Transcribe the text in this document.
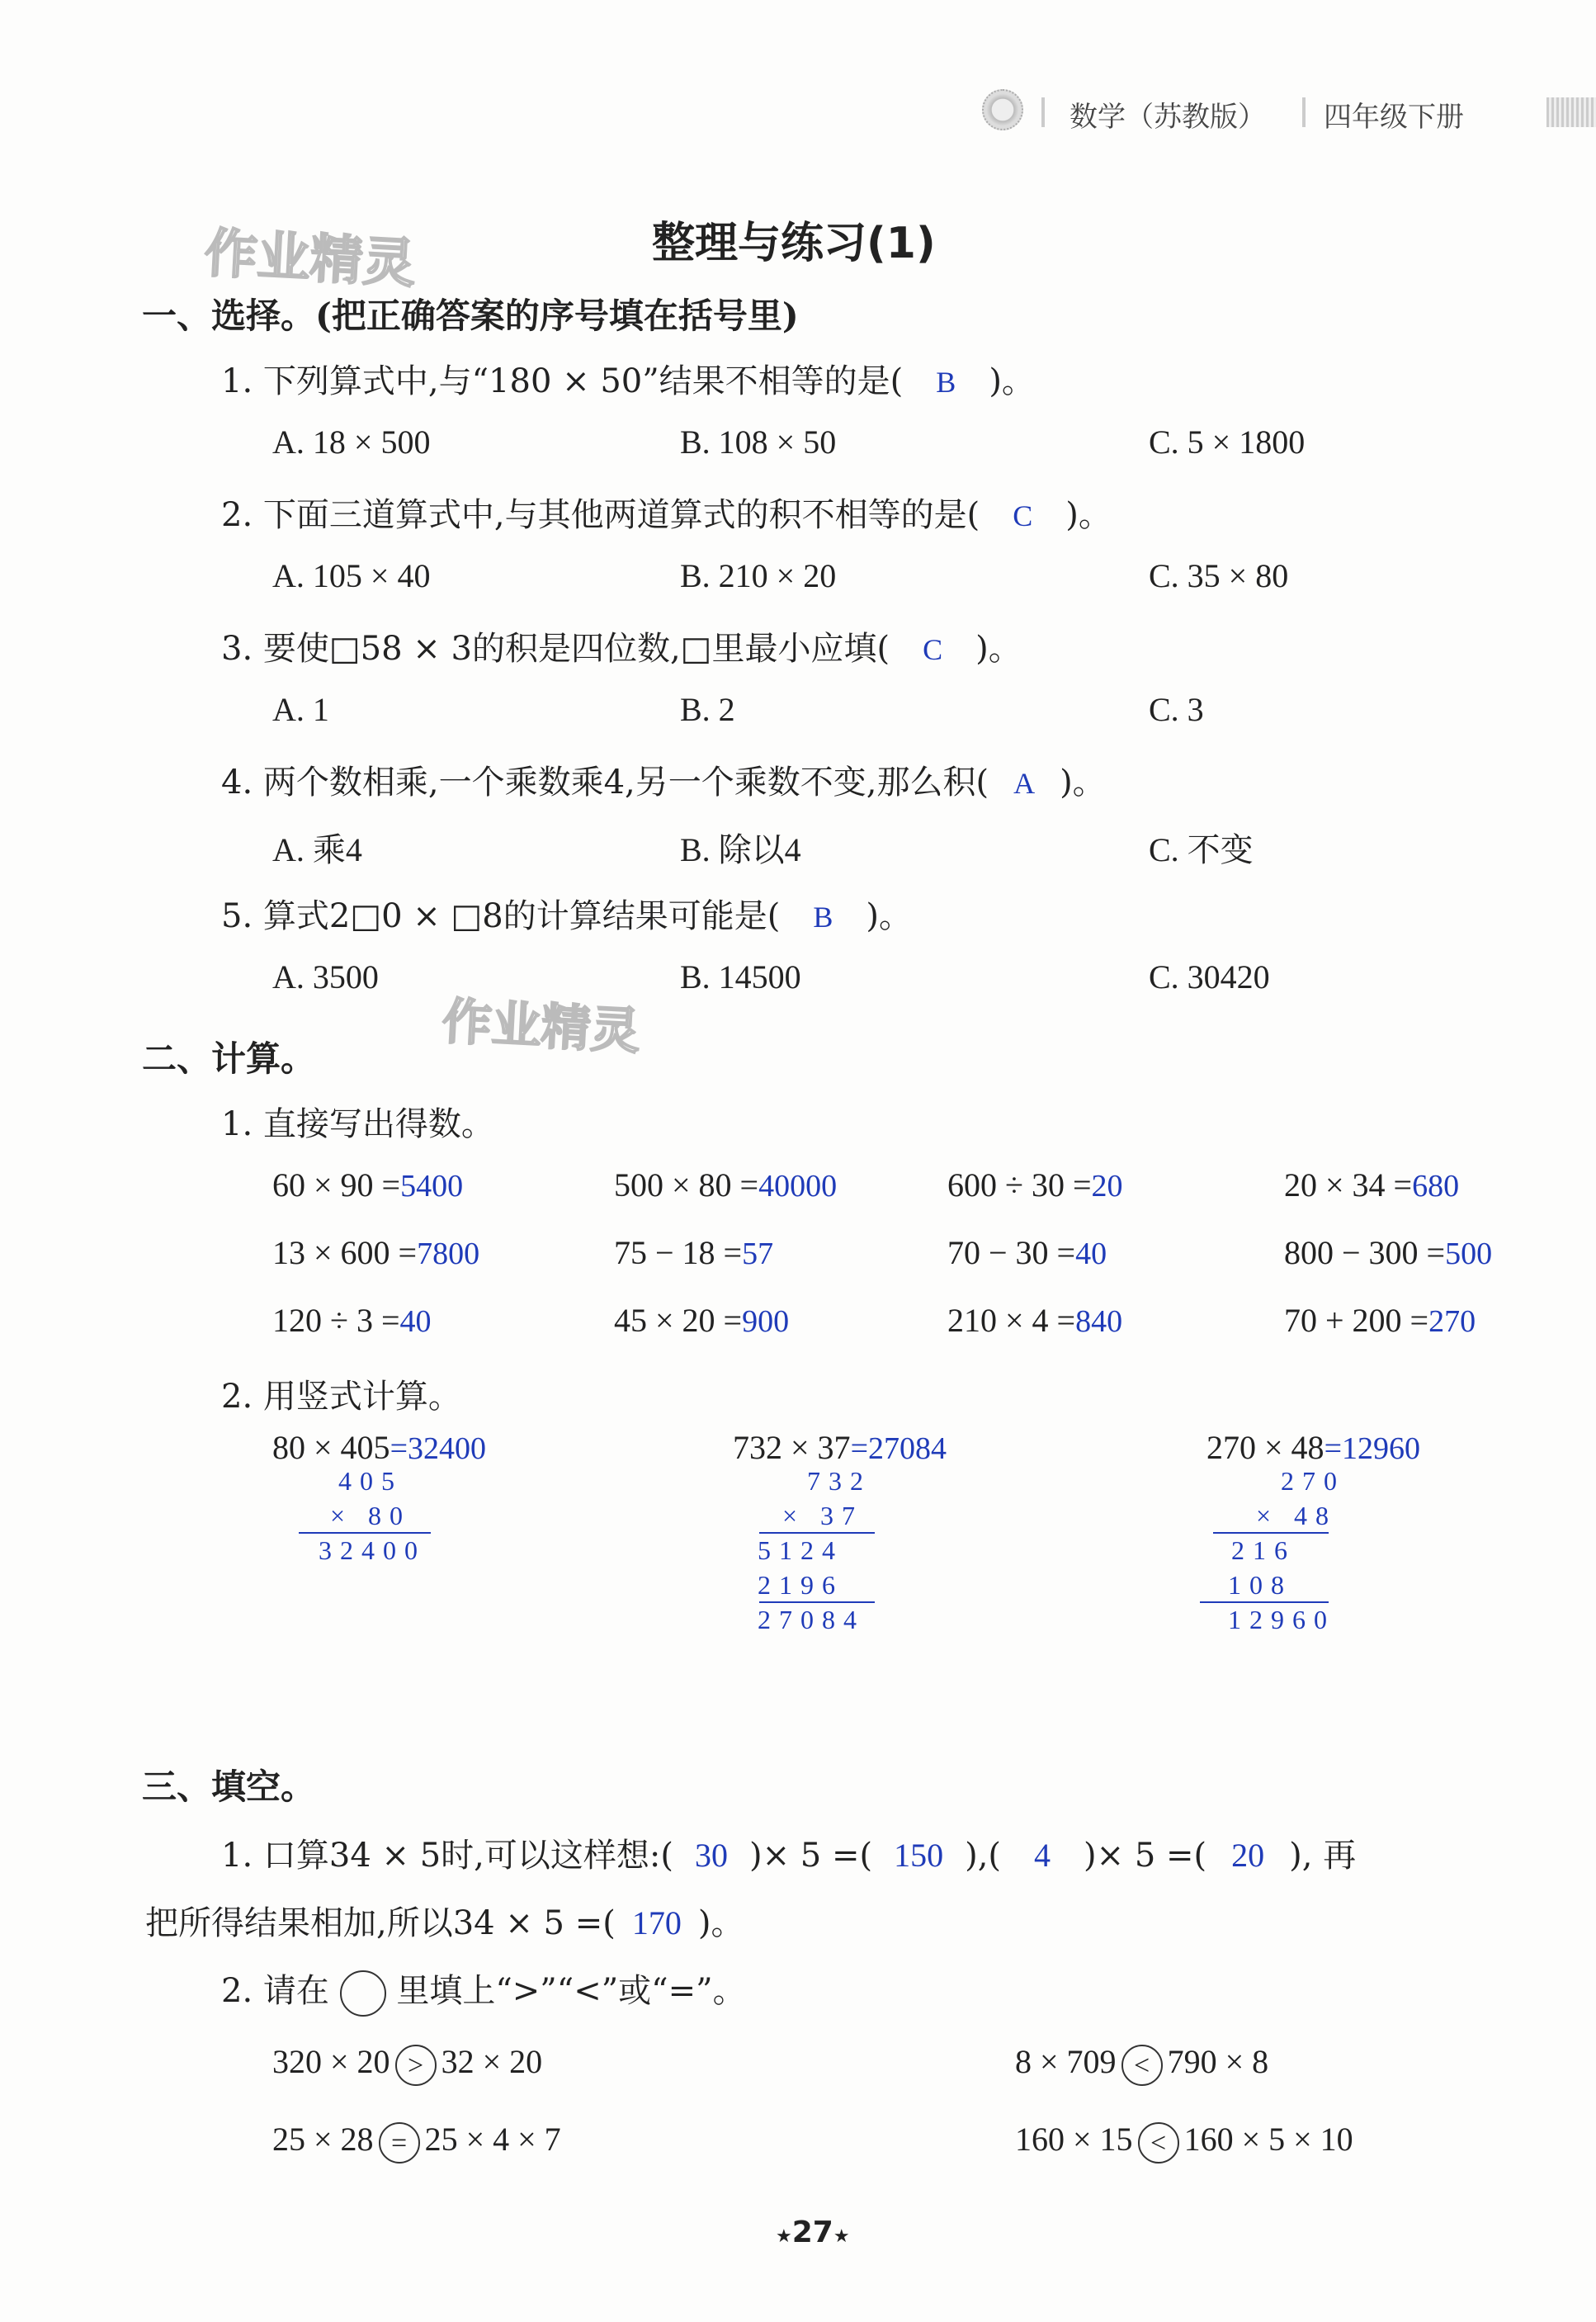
数学（苏教版） 四年级下册
作业精灵
作业精灵
整理与练习(1)
一、选择。(把正确答案的序号填在括号里)
1. 下列算式中,与“180 × 50”结果不相等的是( B )。
A. 18 × 500	B. 108 × 50	C. 5 × 1800
2. 下面三道算式中,与其他两道算式的积不相等的是( C )。
A. 105 × 40	B. 210 × 20	C. 35 × 80
3. 要使□58 × 3的积是四位数,□里最小应填( C )。
A. 1	B. 2	C. 3
4. 两个数相乘,一个乘数乘4,另一个乘数不变,那么积( A )。
A. 乘4	B. 除以4	C. 不变
5. 算式2□0 × □8的计算结果可能是( B )。
A. 3500	B. 14500	C. 30420
二、计算。
1. 直接写出得数。
60 × 90 =5400	500 × 80 =40000	600 ÷ 30 =20	20 × 34 =680
13 × 600 =7800	75 − 18 =57	70 − 30 =40	800 − 300 =500
120 ÷ 3 =40	45 × 20 =900	210 × 4 =840	70 + 200 =270
2. 用竖式计算。
80 × 405=32400
405
× 80
32400
732 × 37=27084
732
× 37
5124
2196
27084
270 × 48=12960
270
× 48
216
108
12960
三、填空。
1. 口算34 × 5时,可以这样想:( 30 )× 5 =( 150 ),( 4 )× 5 =( 20 ), 再
把所得结果相加,所以34 × 5 =( 170 )。
2. 请在 里填上“>”“<”或“=”。
320 × 20 > 32 × 20	8 × 709 < 790 × 8
25 × 28 = 25 × 4 × 7	160 × 15 < 160 × 5 × 10
★27★
